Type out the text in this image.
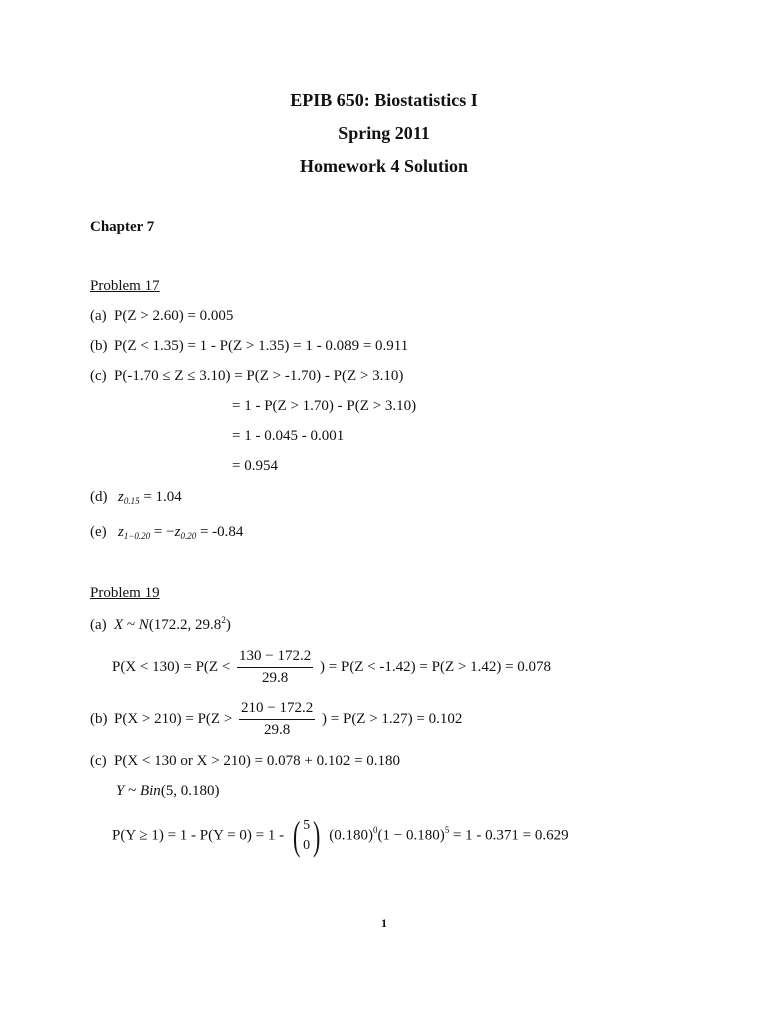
EPIB 650: Biostatistics I
Spring 2011
Homework 4 Solution
Chapter 7
Problem 17
(a) P(Z > 2.60) = 0.005
(b) P(Z < 1.35) = 1 - P(Z > 1.35) = 1 - 0.089 = 0.911
(c) P(-1.70 ≤ Z ≤ 3.10) = P(Z > -1.70) - P(Z > 3.10)
= 1 - P(Z > 1.70) - P(Z > 3.10)
= 1 - 0.045 - 0.001
= 0.954
(d) $z_{0.15} = 1.04$
(e) $z_{1-0.20} = -z_{0.20} = -0.84$
Problem 19
(a) X ~ N(172.2, 29.8$^2$)
$P(X < 130) = P(Z < \frac{130 - 172.2}{29.8}$ ) = P(Z < -1.42) = P(Z > 1.42) = 0.078
(b) $P(X > 210) = P(Z > \frac{210 - 172.2}{29.8}$ ) = P(Z > 1.27) = 0.102
(c) P(X < 130 or X > 210) = 0.078 + 0.102 = 0.180
Y ~ Bin(5, 0.180)
P(Y ≥ 1) = 1 - P(Y = 0) = 1 - ( 5
0 ) $(0.180)^0(1 - 0.180)^5 = 1 - 0.371 = 0.629$
1
